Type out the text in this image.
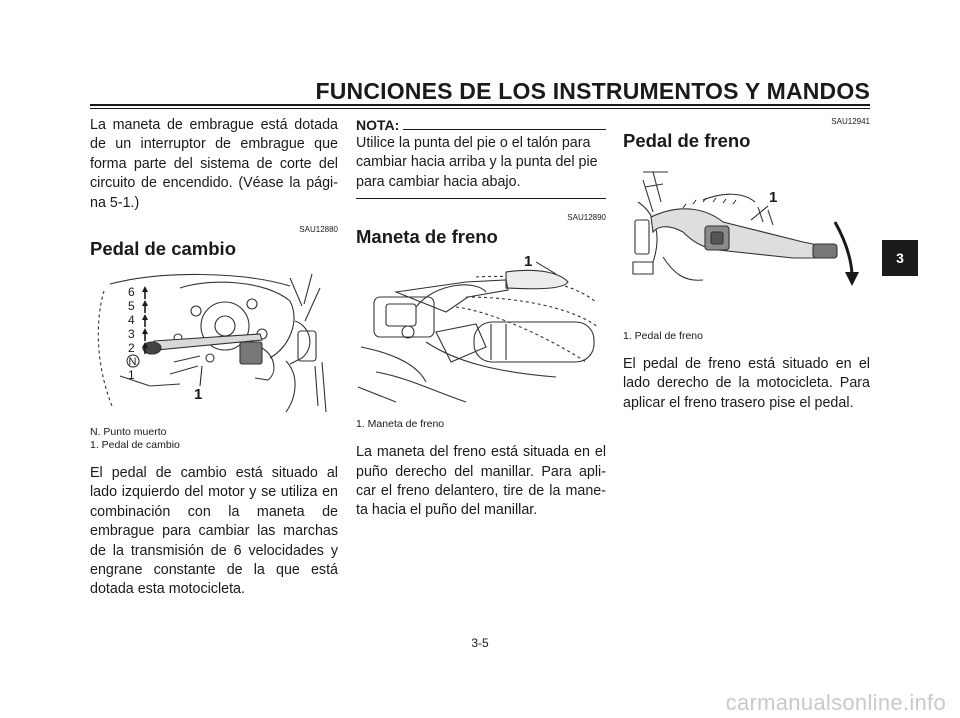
FUNCIONES DE LOS INSTRUMENTOS Y MANDOS

La maneta de embrague está dotada de un interruptor de embrague que forma parte del sistema de corte del circuito de encendido. (Véase la pági-na 5-1.)

SAU12880

Pedal de cambio

6
5
4
3
2
N
1
1

N. Punto muerto

1. Pedal de cambio

El pedal de cambio está situado al lado izquierdo del motor y se utiliza en combinación con la maneta de embrague para cambiar las marchas de la transmisión de 6 velocidades y engrane constante de la que está dotada esta motocicleta.

NOTA:

Utilice la punta del pie o el talón para cambiar hacia arriba y la punta del pie para cambiar hacia abajo.

SAU12890

Maneta de freno

1

1. Maneta de freno

La maneta del freno está situada en el puño derecho del manillar. Para apli-car el freno delantero, tire de la mane-ta hacia el puño del manillar.

SAU12941

Pedal de freno

1

1. Pedal de freno

El pedal de freno está situado en el lado derecho de la motocicleta. Para aplicar el freno trasero pise el pedal.

3
3-5
carmanualsonline.info
